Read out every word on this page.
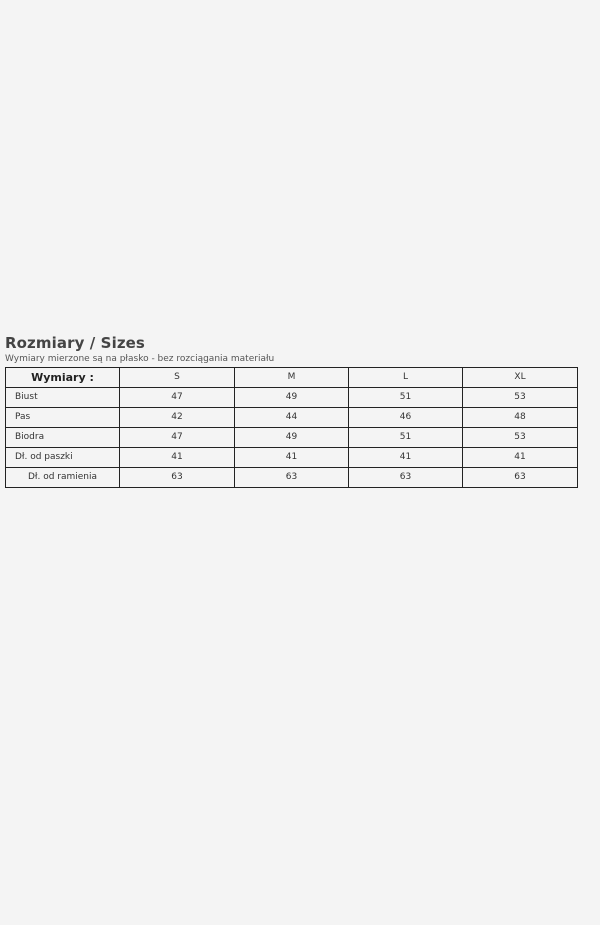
Rozmiary / Sizes
Wymiary mierzone są na płasko - bez rozciągania materiału
Wymiary :	S	M	L	XL
Biust	47	49	51	53
Pas	42	44	46	48
Biodra	47	49	51	53
Dł. od paszki	41	41	41	41
Dł. od ramienia	63	63	63	63
